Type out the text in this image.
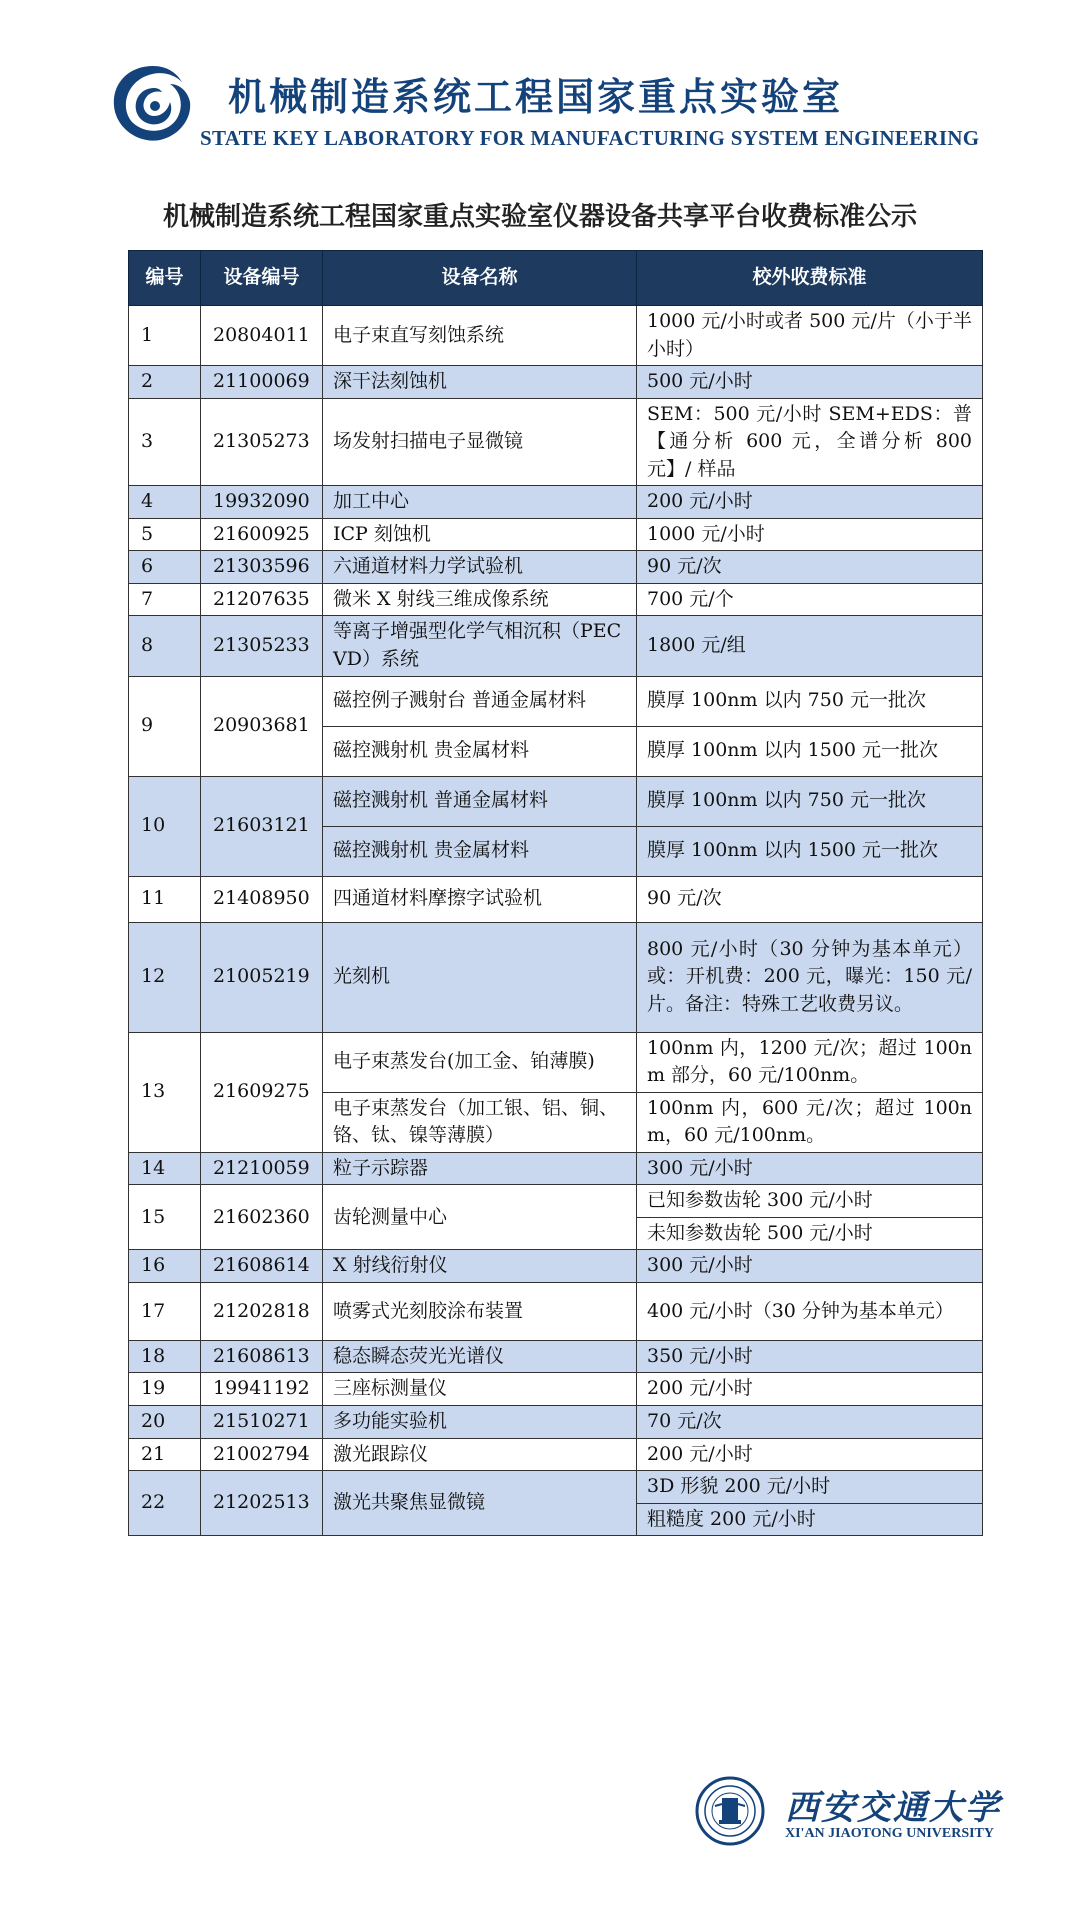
机械制造系统工程国家重点实验室
STATE KEY LABORATORY FOR MANUFACTURING SYSTEM ENGINEERING
机械制造系统工程国家重点实验室仪器设备共享平台收费标准公示
编号	设备编号	设备名称	校外收费标准
1	20804011	电子束直写刻蚀系统	1000 元/小时或者 500 元/片（小于半小时）
2	21100069	深干法刻蚀机	500 元/小时
3	21305273	场发射扫描电子显微镜	SEM：500 元/小时 SEM+EDS：普【通分析 600 元，全谱分析 800 元】/ 样品
4	19932090	加工中心	200 元/小时
5	21600925	ICP 刻蚀机	1000 元/小时
6	21303596	六通道材料力学试验机	90 元/次
7	21207635	微米 X 射线三维成像系统	700 元/个
8	21305233	等离子增强型化学气相沉积（PECVD）系统	1800 元/组
9	20903681	磁控例子溅射台 普通金属材料	膜厚 100nm 以内 750 元一批次
		磁控溅射机 贵金属材料	膜厚 100nm 以内 1500 元一批次
10	21603121	磁控溅射机 普通金属材料	膜厚 100nm 以内 750 元一批次
		磁控溅射机 贵金属材料	膜厚 100nm 以内 1500 元一批次
11	21408950	四通道材料摩擦字试验机	90 元/次
12	21005219	光刻机	800 元/小时（30 分钟为基本单元）或：开机费：200 元，曝光：150 元/片。备注：特殊工艺收费另议。
13	21609275	电子束蒸发台(加工金、铂薄膜)	100nm 内，1200 元/次；超过 100nm 部分，60 元/100nm。
		电子束蒸发台（加工银、铝、铜、铬、钛、镍等薄膜）	100nm 内，600 元/次；超过 100nm，60 元/100nm。
14	21210059	粒子示踪器	300 元/小时
15	21602360	齿轮测量中心	已知参数齿轮 300 元/小时
			未知参数齿轮 500 元/小时
16	21608614	X 射线衍射仪	300 元/小时
17	21202818	喷雾式光刻胶涂布装置	400 元/小时（30 分钟为基本单元）
18	21608613	稳态瞬态荧光光谱仪	350 元/小时
19	19941192	三座标测量仪	200 元/小时
20	21510271	多功能实验机	70 元/次
21	21002794	激光跟踪仪	200 元/小时
22	21202513	激光共聚焦显微镜	3D 形貌 200 元/小时
			粗糙度 200 元/小时
西安交通大学
XI'AN JIAOTONG UNIVERSITY
